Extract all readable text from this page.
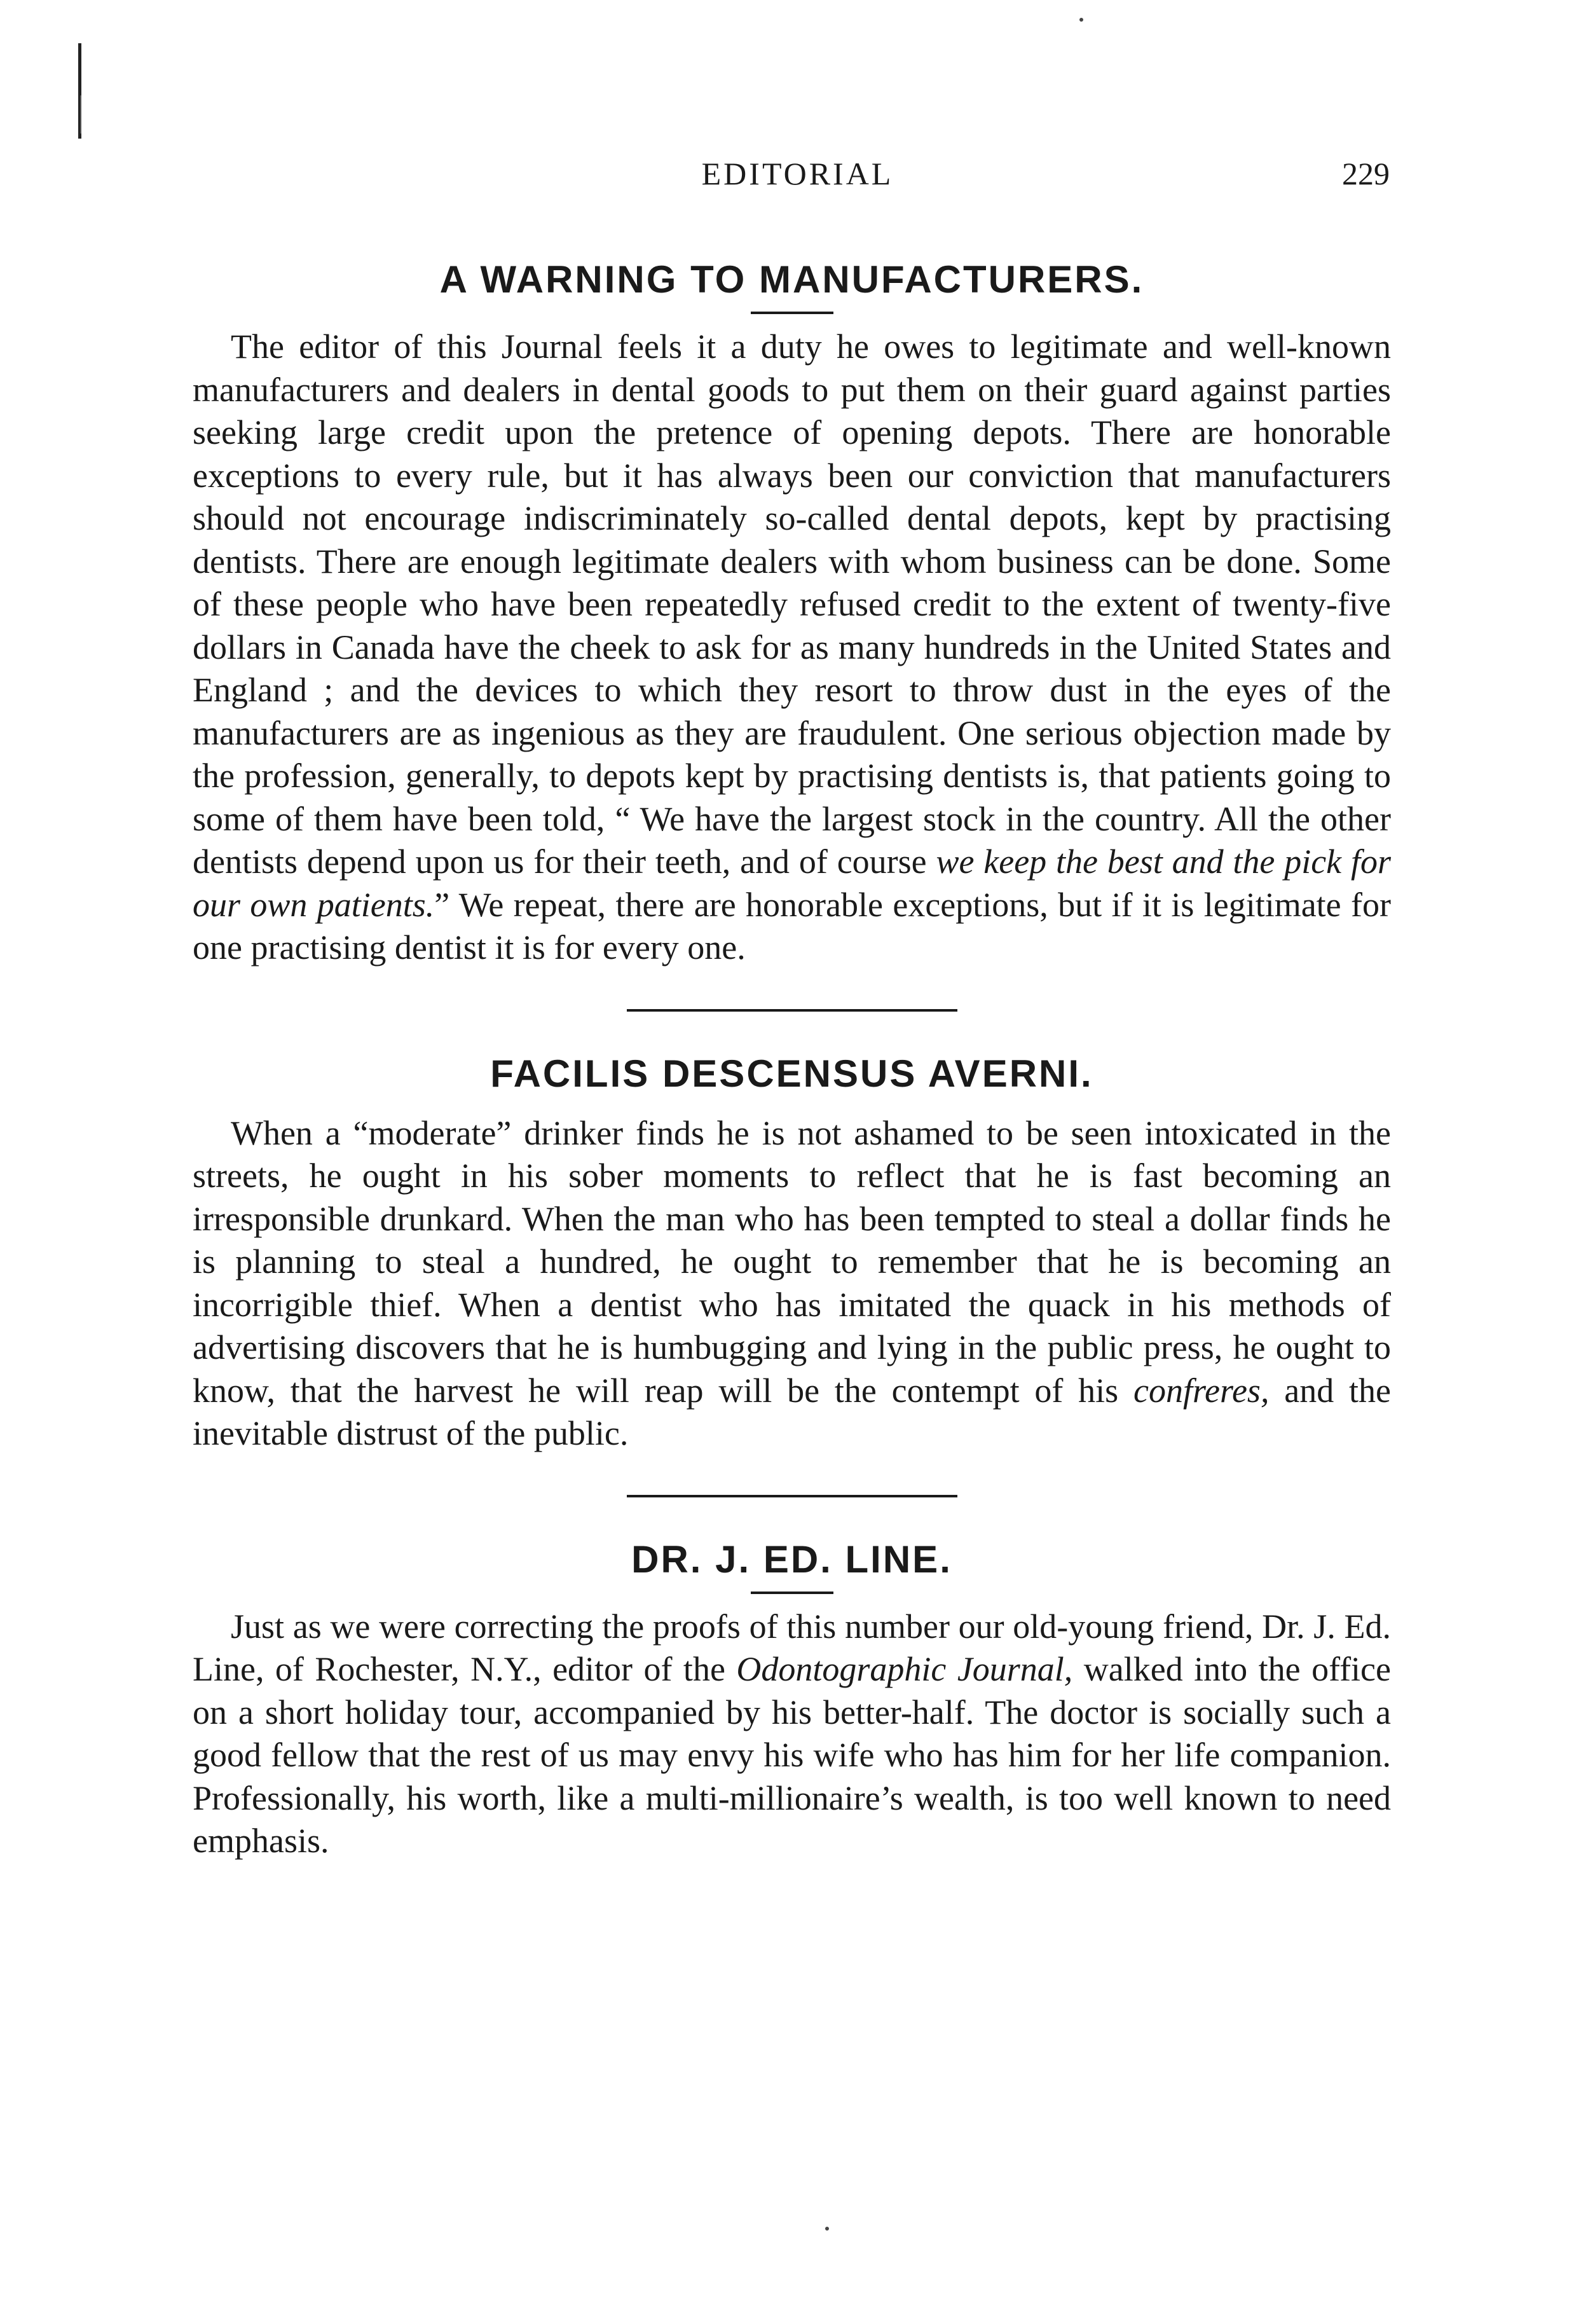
EDITORIAL	229
A WARNING TO MANUFACTURERS.

The editor of this Journal feels it a duty he owes to legitimate and well-known manufacturers and dealers in dental goods to put them on their guard against parties seeking large credit upon the pretence of opening depots. There are honorable exceptions to every rule, but it has always been our conviction that manufacturers should not encourage indiscriminately so-called dental depots, kept by practising dentists. There are enough legitimate dealers with whom business can be done. Some of these people who have been repeatedly refused credit to the extent of twenty-five dollars in Canada have the cheek to ask for as many hundreds in the United States and England ; and the devices to which they resort to throw dust in the eyes of the manufacturers are as ingenious as they are fraudulent. One serious objection made by the profession, generally, to depots kept by practising dentists is, that patients going to some of them have been told, “ We have the largest stock in the country. All the other dentists depend upon us for their teeth, and of course we keep the best and the pick for our own patients.” We repeat, there are honorable exceptions, but if it is legitimate for one practising dentist it is for every one.

FACILIS DESCENSUS AVERNI.

When a “moderate” drinker finds he is not ashamed to be seen intoxicated in the streets, he ought in his sober moments to reflect that he is fast becoming an irresponsible drunkard. When the man who has been tempted to steal a dollar finds he is planning to steal a hundred, he ought to remember that he is becoming an incorrigible thief. When a dentist who has imitated the quack in his methods of advertising discovers that he is humbugging and lying in the public press, he ought to know, that the harvest he will reap will be the contempt of his confreres, and the inevitable distrust of the public.

DR. J. ED. LINE.

Just as we were correcting the proofs of this number our old-young friend, Dr. J. Ed. Line, of Rochester, N.Y., editor of the Odontographic Journal, walked into the office on a short holiday tour, accompanied by his better-half. The doctor is socially such a good fellow that the rest of us may envy his wife who has him for her life companion. Professionally, his worth, like a multi-millionaire’s wealth, is too well known to need emphasis.
